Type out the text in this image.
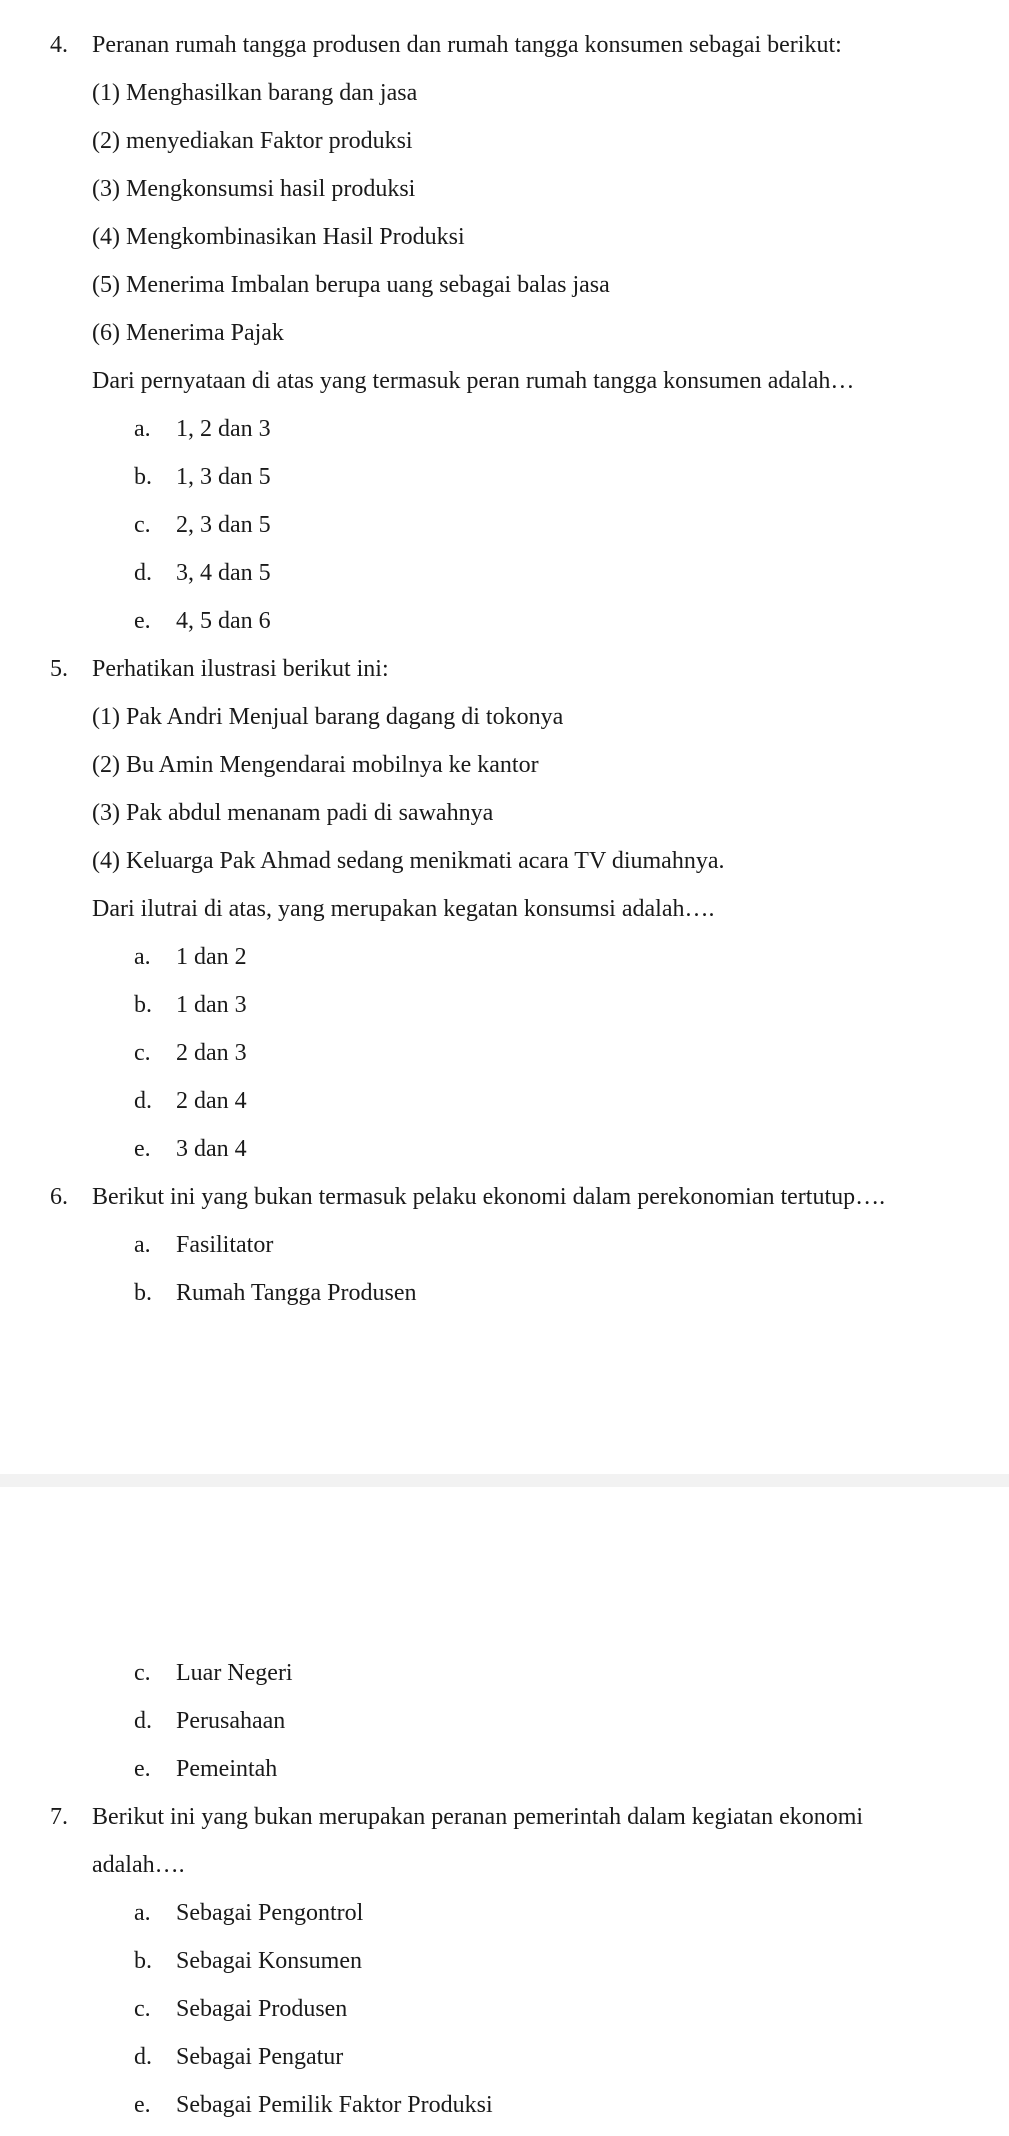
4. Peranan rumah tangga produsen dan rumah tangga konsumen sebagai berikut:
(1) Menghasilkan barang dan jasa
(2) menyediakan Faktor produksi
(3) Mengkonsumsi hasil produksi
(4) Mengkombinasikan Hasil Produksi
(5) Menerima Imbalan berupa uang sebagai balas jasa
(6) Menerima Pajak
Dari pernyataan di atas yang termasuk peran rumah tangga konsumen adalah…
a. 1, 2 dan 3
b. 1, 3 dan 5
c. 2, 3 dan 5
d. 3, 4 dan 5
e. 4, 5 dan 6
5. Perhatikan ilustrasi berikut ini:
(1) Pak Andri Menjual barang dagang di tokonya
(2) Bu Amin Mengendarai mobilnya ke kantor
(3) Pak abdul menanam padi di sawahnya
(4) Keluarga Pak Ahmad sedang menikmati acara TV diumahnya.
Dari ilutrai di atas, yang merupakan kegatan konsumsi adalah….
a. 1 dan 2
b. 1 dan 3
c. 2 dan 3
d. 2 dan 4
e. 3 dan 4
6. Berikut ini yang bukan termasuk pelaku ekonomi dalam perekonomian tertutup….
a. Fasilitator
b. Rumah Tangga Produsen
c. Luar Negeri
d. Perusahaan
e. Pemeintah
7. Berikut ini yang bukan merupakan peranan pemerintah dalam kegiatan ekonomi
adalah….
a. Sebagai Pengontrol
b. Sebagai Konsumen
c. Sebagai Produsen
d. Sebagai Pengatur
e. Sebagai Pemilik Faktor Produksi
